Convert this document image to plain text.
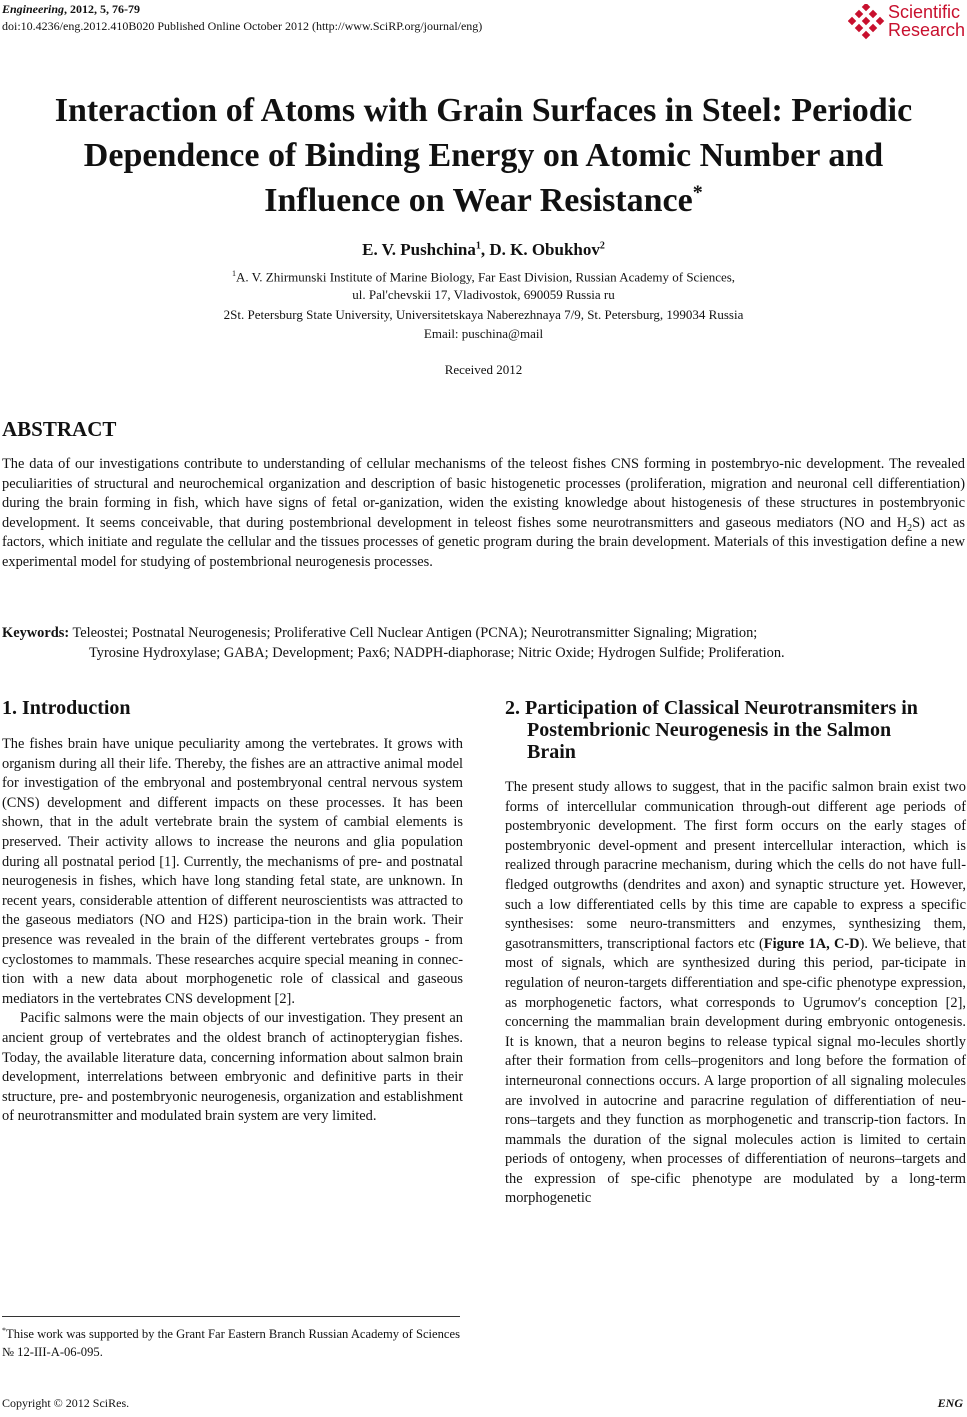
Engineering, 2012, 5, 76-79
doi:10.4236/eng.2012.410B020 Published Online October 2012 (http://www.SciRP.org/journal/eng)
Scientific
Research
Interaction of Atoms with Grain Surfaces in Steel: Periodic
Dependence of Binding Energy on Atomic Number and
Influence on Wear Resistance*
E. V. Pushchina$^1$, D. K. Obukhov$^2$
$^1$A. V. Zhirmunski Institute of Marine Biology, Far East Division, Russian Academy of Sciences,
ul. Pal'chevskii 17, Vladivostok, 690059 Russia ru
2St. Petersburg State University, Universitetskaya Naberezhnaya 7/9, St. Petersburg, 199034 Russia
Email: puschina@mail
Received 2012
ABSTRACT

The data of our investigations contribute to understanding of cellular mechanisms of the teleost fishes CNS forming in postembryo-nic development. The revealed peculiarities of structural and neurochemical organization and description of basic histogenetic processes (proliferation, migration and neuronal cell differentiation) during the brain forming in fish, which have signs of fetal or-ganization, widen the existing knowledge about histogenesis of these structures in postembryonic development. It seems conceivable, that during postembrional development in teleost fishes some neurotransmitters and gaseous mediators (NO and $H_2S$) act as factors, which initiate and regulate the cellular and the tissues processes of genetic program during the brain development. Materials of this investigation define a new experimental model for studying of postembrional neurogenesis processes.

Keywords: Teleostei; Postnatal Neurogenesis; Proliferative Cell Nuclear Antigen (PCNA); Neurotransmitter Signaling; Migration;
Tyrosine Hydroxylase; GABA; Development; Pax6; NADPH-diaphorase; Nitric Oxide; Hydrogen Sulfide; Proliferation.
1. Introduction

The fishes brain have unique peculiarity among the vertebrates. It grows with organism during all their life. Thereby, the fishes are an attractive animal model for investigation of the embryonal and postembryonal central nervous system (CNS) development and different impacts on these processes. It has been shown, that in the adult vertebrate brain the system of cambial elements is preserved. Their activity allows to increase the neurons and glia population during all postnatal period [1]. Currently, the mechanisms of pre- and postnatal neurogenesis in fishes, which have long standing fetal state, are unknown. In recent years, considerable attention of different neuroscientists was attracted to the gaseous mediators (NO and H2S) participa-tion in the brain work. Their presence was revealed in the brain of the different vertebrates groups - from cyclostomes to mammals. These researches acquire special meaning in connec-tion with a new data about morphogenetic role of classical and gaseous mediators in the vertebrates CNS development [2].

Pacific salmons were the main objects of our investigation. They present an ancient group of vertebrates and the oldest branch of actinopterygian fishes. Today, the available literature data, concerning information about salmon brain development, interrelations between embryonic and definitive parts in their structure, pre- and postembryonic neurogenesis, organization and establishment of neurotransmitter and modulated brain system are very limited.

*Thise work was supported by the Grant Far Eastern Branch Russian Academy of Sciences № 12-III-A-06-095.
2. Participation of Classical Neurotransmiters in
Postembrionic Neurogenesis in the Salmon
Brain

The present study allows to suggest, that in the pacific salmon brain exist two forms of intercellular communication through-out different age periods of postembryonic development. The first form occurs on the early stages of postembryonic devel-opment and present intercellular interaction, which is realized through paracrine mechanism, during which the cells do not have full-fledged outgrowths (dendrites and axon) and synaptic structure yet. However, such a low differentiated cells by this time are capable to express a specific synthesises: some neuro-transmitters and enzymes, synthesizing them, gasotransmitters, transcriptional factors etc (Figure 1A, C-D). We believe, that most of signals, which are synthesized during this period, par-ticipate in regulation of neuron-targets differentiation and spe-cific phenotype expression, as morphogenetic factors, what corresponds to Ugrumov′s conception [2], concerning the mammalian brain development during embryonic ontogenesis. It is known, that a neuron begins to release typical signal mo-lecules shortly after their formation from cells–progenitors and long before the formation of interneuronal connections occurs. A large proportion of all signaling molecules are involved in autocrine and paracrine regulation of differentiation of neu-rons–targets and they function as morphogenetic and transcrip-tion factors. In mammals the duration of the signal molecules action is limited to certain periods of ontogeny, when processes of differentiation of neurons–targets and the expression of spe-cific phenotype are modulated by a long-term morphogenetic

Copyright © 2012 SciRes.	ENG
